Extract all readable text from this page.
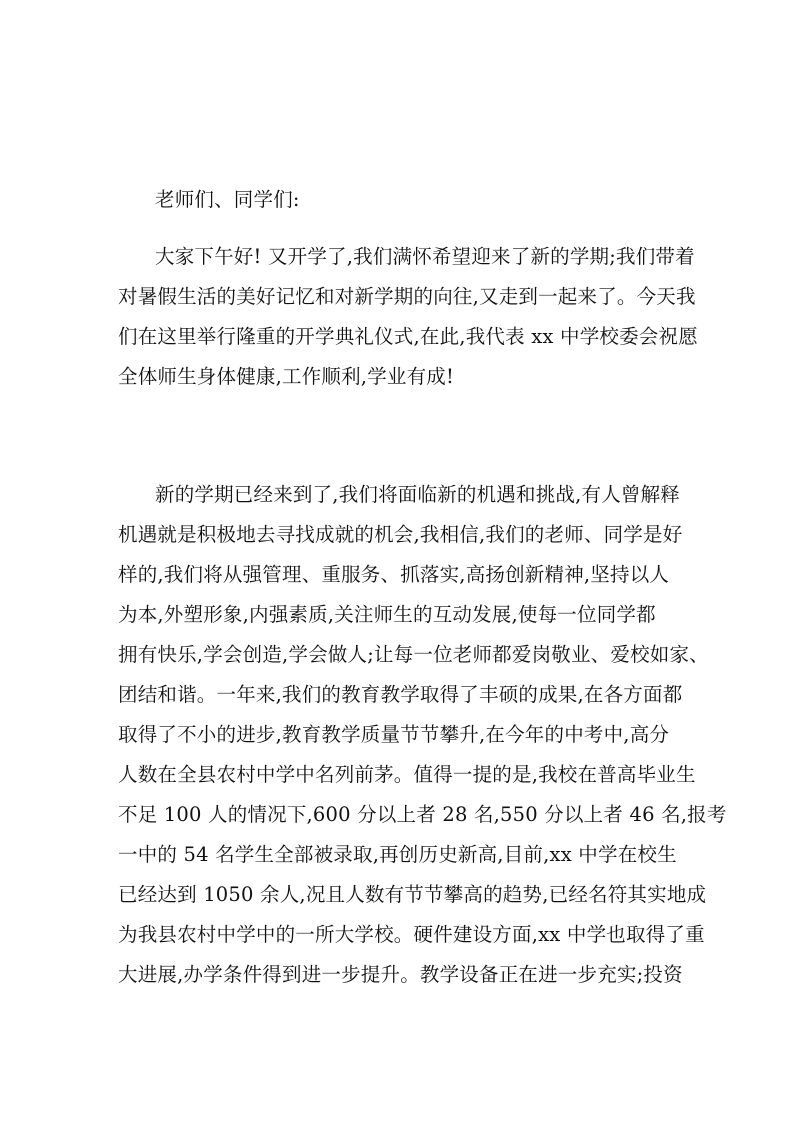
老师们、同学们:
大家下午好! 又开学了,我们满怀希望迎来了新的学期;我们带着
对暑假生活的美好记忆和对新学期的向往,又走到一起来了。今天我
们在这里举行隆重的开学典礼仪式,在此,我代表 xx 中学校委会祝愿
全体师生身体健康,工作顺利,学业有成!
新的学期已经来到了,我们将面临新的机遇和挑战,有人曾解释
机遇就是积极地去寻找成就的机会,我相信,我们的老师、同学是好
样的,我们将从强管理、重服务、抓落实,高扬创新精神,坚持以人
为本,外塑形象,内强素质,关注师生的互动发展,使每一位同学都
拥有快乐,学会创造,学会做人;让每一位老师都爱岗敬业、爱校如家、
团结和谐。一年来,我们的教育教学取得了丰硕的成果,在各方面都
取得了不小的进步,教育教学质量节节攀升,在今年的中考中,高分
人数在全县农村中学中名列前茅。值得一提的是,我校在普高毕业生
不足 100 人的情况下,600 分以上者 28 名,550 分以上者 46 名,报考
一中的 54 名学生全部被录取,再创历史新高,目前,xx 中学在校生
已经达到 1050 余人,况且人数有节节攀高的趋势,已经名符其实地成
为我县农村中学中的一所大学校。硬件建设方面,xx 中学也取得了重
大进展,办学条件得到进一步提升。教学设备正在进一步充实;投资
